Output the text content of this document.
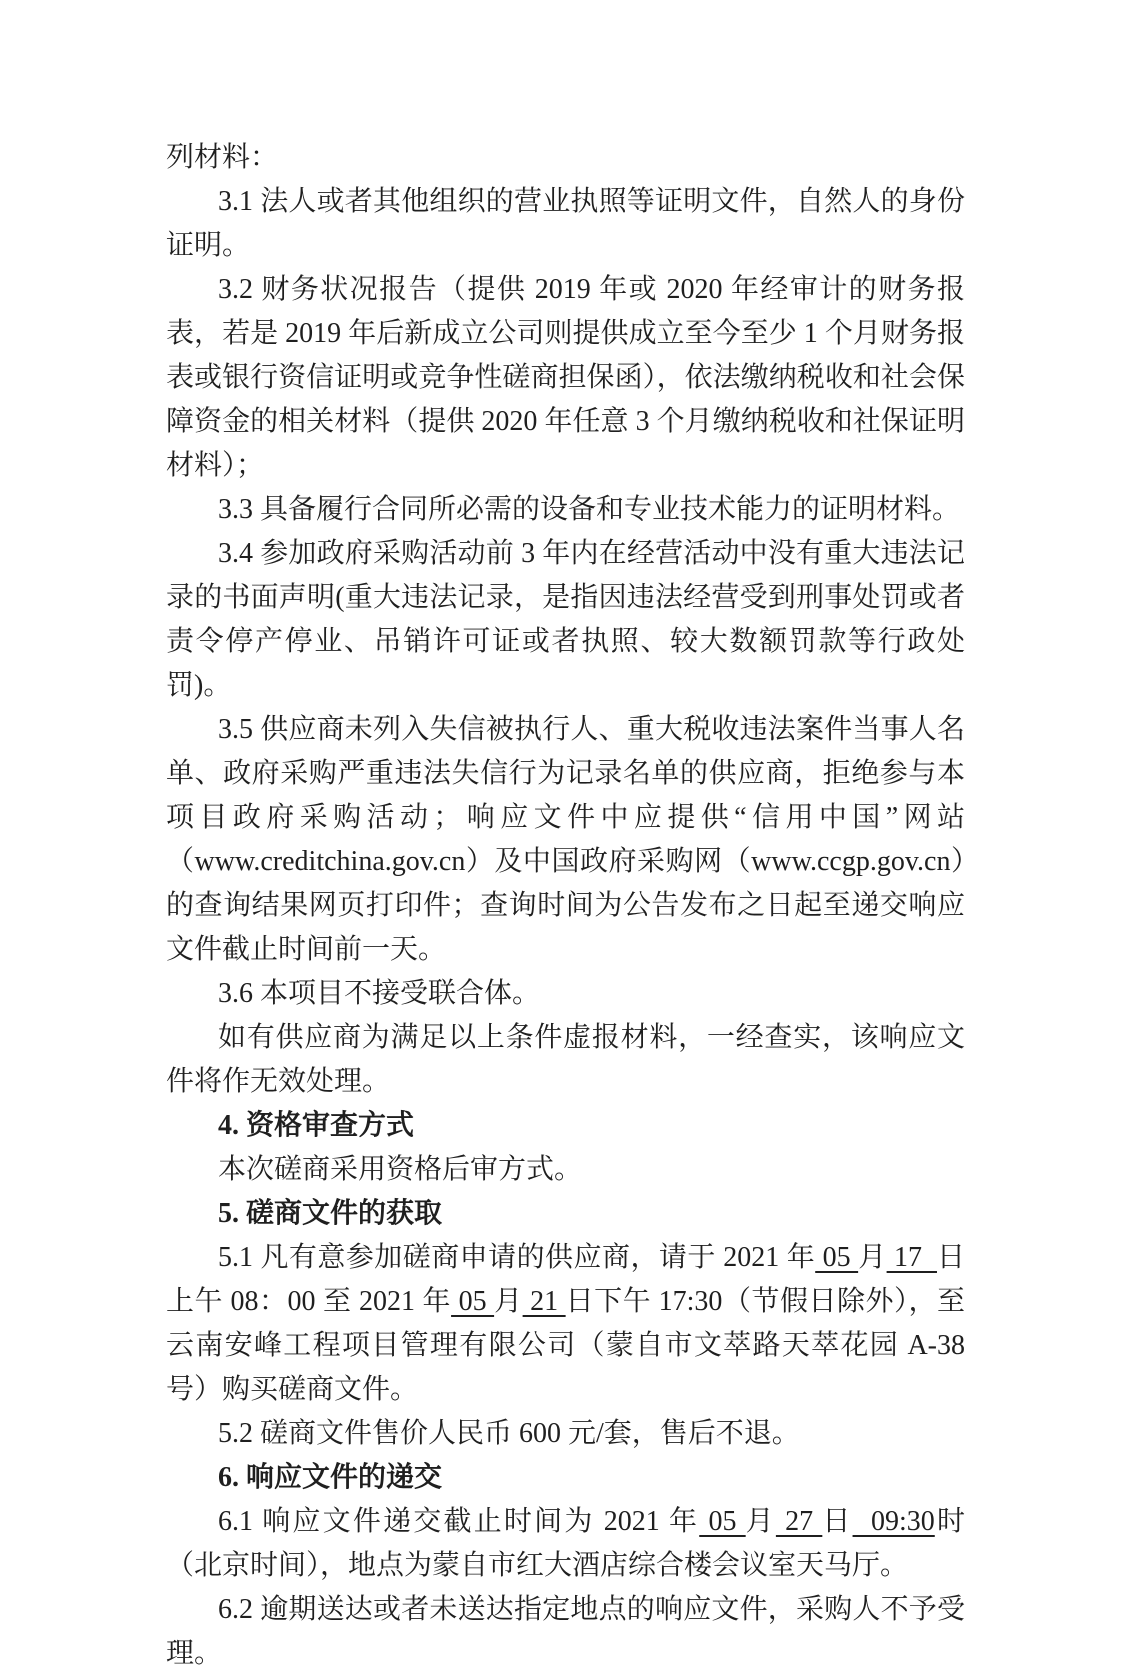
列材料：

3.1 法人或者其他组织的营业执照等证明文件，自然人的身份证明。

3.2 财务状况报告（提供 2019 年或 2020 年经审计的财务报表，若是 2019 年后新成立公司则提供成立至今至少 1 个月财务报表或银行资信证明或竞争性磋商担保函），依法缴纳税收和社会保障资金的相关材料（提供 2020 年任意 3 个月缴纳税收和社保证明材料）；

3.3 具备履行合同所必需的设备和专业技术能力的证明材料。

3.4 参加政府采购活动前 3 年内在经营活动中没有重大违法记录的书面声明(重大违法记录，是指因违法经营受到刑事处罚或者责令停产停业、吊销许可证或者执照、较大数额罚款等行政处罚)。

3.5 供应商未列入失信被执行人、重大税收违法案件当事人名单、政府采购严重违法失信行为记录名单的供应商，拒绝参与本项目政府采购活动；响应文件中应提供“信用中国”网站（www.creditchina.gov.cn）及中国政府采购网（www.ccgp.gov.cn）的查询结果网页打印件；查询时间为公告发布之日起至递交响应文件截止时间前一天。

3.6 本项目不接受联合体。

如有供应商为满足以上条件虚报材料，一经查实，该响应文件将作无效处理。

4. 资格审查方式

本次磋商采用资格后审方式。

5. 磋商文件的获取

5.1 凡有意参加磋商申请的供应商，请于 2021 年 05 月 17  日上午 08：00 至 2021 年 05 月 21 日下午 17:30（节假日除外），至云南安峰工程项目管理有限公司（蒙自市文萃路天萃花园 A-38 号）购买磋商文件。

5.2 磋商文件售价人民币 600 元/套，售后不退。

6. 响应文件的递交

6.1 响应文件递交截止时间为 2021 年 05 月 27 日  09:30时（北京时间），地点为蒙自市红大酒店综合楼会议室天马厅。

6.2 逾期送达或者未送达指定地点的响应文件，采购人不予受理。
